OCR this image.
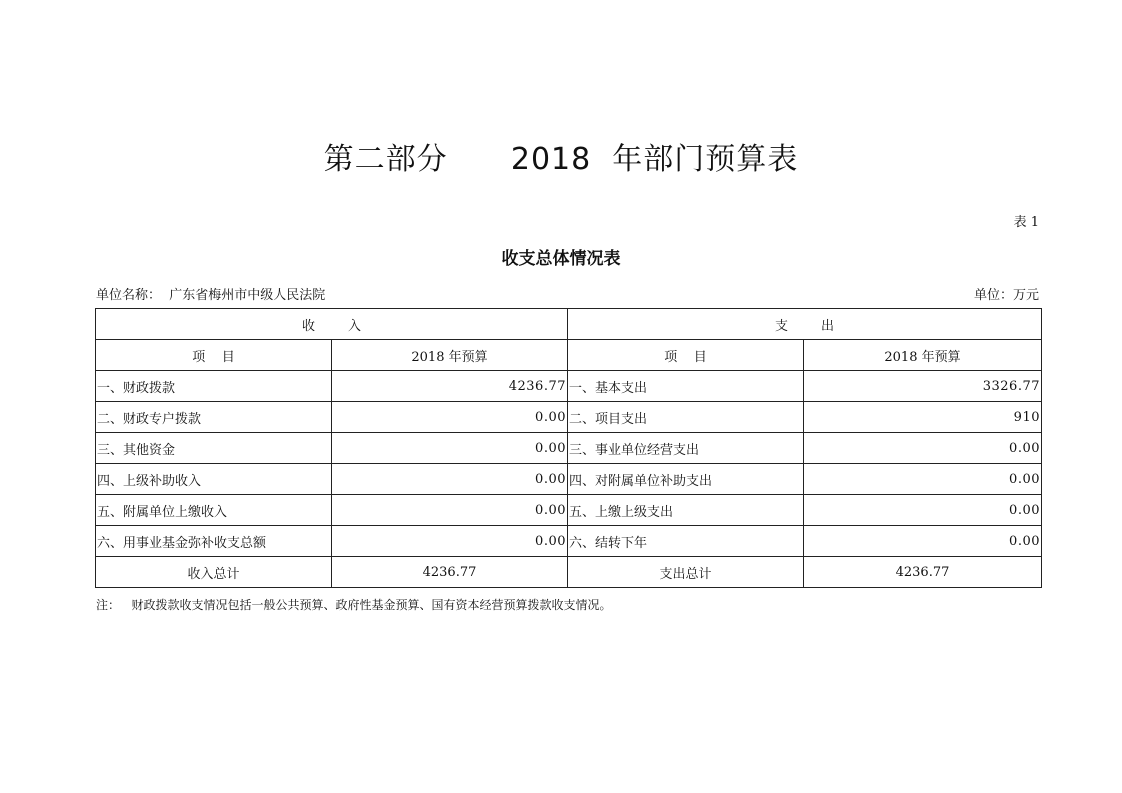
第二部分      2018  年部门预算表
表 1
收支总体情况表
单位名称： 广东省梅州市中级人民法院	单位：万元
收        入		支        出	
项    目	2018 年预算	项    目	2018 年预算
一、财政拨款	4236.77	一、基本支出	3326.77
二、财政专户拨款	0.00	二、项目支出	910
三、其他资金	0.00	三、事业单位经营支出	0.00
四、上级补助收入	0.00	四、对附属单位补助支出	0.00
五、附属单位上缴收入	0.00	五、上缴上级支出	0.00
六、用事业基金弥补收支总额	0.00	六、结转下年	0.00
收入总计	4236.77	支出总计	4236.77
注：   财政拨款收支情况包括一般公共预算、政府性基金预算、国有资本经营预算拨款收支情况。
